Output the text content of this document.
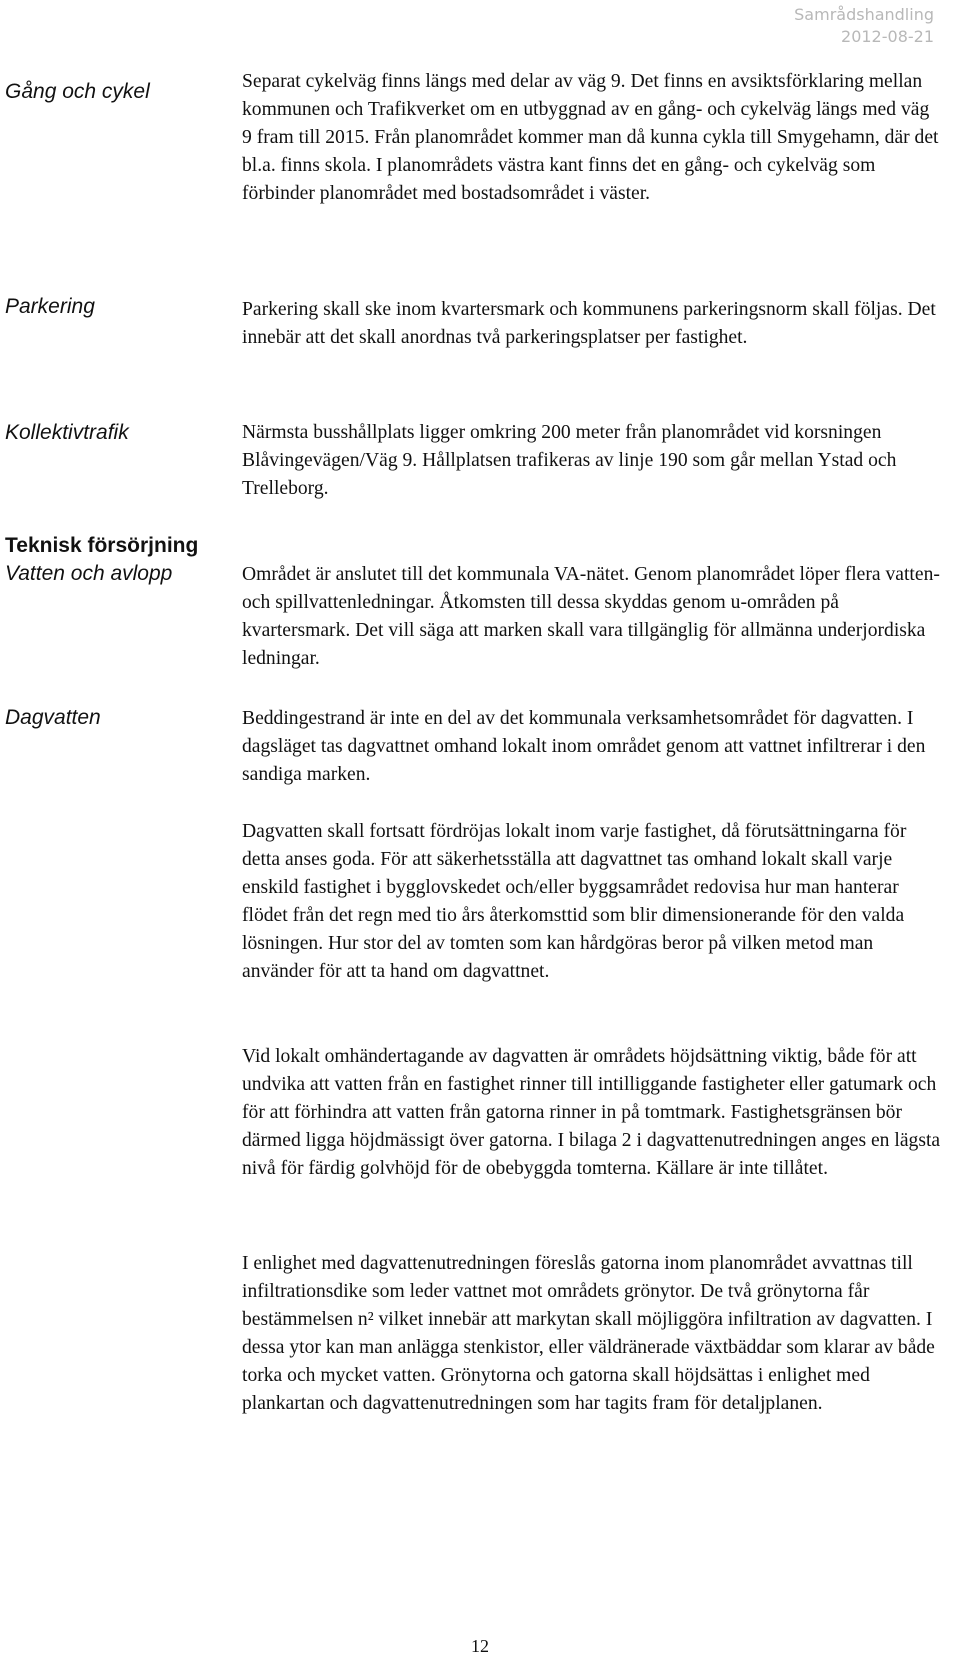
Samrådshandling
2012-08-21
Gång och cykel	Separat cykelväg finns längs med delar av väg 9. Det finns en avsiktsförklaring mellan kommunen och Trafikverket om en utbyggnad av en gång- och cykelväg längs med väg 9 fram till 2015. Från planområdet kommer man då kunna cykla till Smygehamn, där det bl.a. finns skola. I planområdets västra kant finns det en gång- och cykelväg som förbinder planområdet med bostadsområdet i väster.

Parkering	Parkering skall ske inom kvartersmark och kommunens parkeringsnorm skall följas. Det innebär att det skall anordnas två parkeringsplatser per fastighet.

Kollektivtrafik	Närmsta busshållplats ligger omkring 200 meter från planområdet vid korsningen Blåvingevägen/Väg 9. Hållplatsen trafikeras av linje 190 som går mellan Ystad och Trelleborg.

Teknisk försörjning
Vatten och avlopp	Området är anslutet till det kommunala VA-nätet. Genom planområdet löper flera vatten- och spillvattenledningar. Åtkomsten till dessa skyddas genom u-områden på kvartersmark. Det vill säga att marken skall vara tillgänglig för allmänna underjordiska ledningar.

Dagvatten	Beddingestrand är inte en del av det kommunala verksamhetsområdet för dagvatten. I dagsläget tas dagvattnet omhand lokalt inom området genom att vattnet infiltrerar i den sandiga marken.

Dagvatten skall fortsatt fördröjas lokalt inom varje fastighet, då förutsättningarna för detta anses goda. För att säkerhetsställa att dagvattnet tas omhand lokalt skall varje enskild fastighet i bygglovskedet och/eller byggsamrådet redovisa hur man hanterar flödet från det regn med tio års återkomsttid som blir dimensionerande för den valda lösningen. Hur stor del av tomten som kan hårdgöras beror på vilken metod man använder för att ta hand om dagvattnet.

Vid lokalt omhändertagande av dagvatten är områdets höjdsättning viktig, både för att undvika att vatten från en fastighet rinner till intilliggande fastigheter eller gatumark och för att förhindra att vatten från gatorna rinner in på tomtmark. Fastighetsgränsen bör därmed ligga höjdmässigt över gatorna. I bilaga 2 i dagvattenutredningen anges en lägsta nivå för färdig golvhöjd för de obebyggda tomterna. Källare är inte tillåtet.

I enlighet med dagvattenutredningen föreslås gatorna inom planområdet avvattnas till infiltrationsdike som leder vattnet mot områdets grönytor. De två grönytorna får bestämmelsen n² vilket innebär att markytan skall möjliggöra infiltration av dagvatten. I dessa ytor kan man anlägga stenkistor, eller väldränerade växtbäddar som klarar av både torka och mycket vatten. Grönytorna och gatorna skall höjdsättas i enlighet med plankartan och dagvattenutredningen som har tagits fram för detaljplanen.

12
